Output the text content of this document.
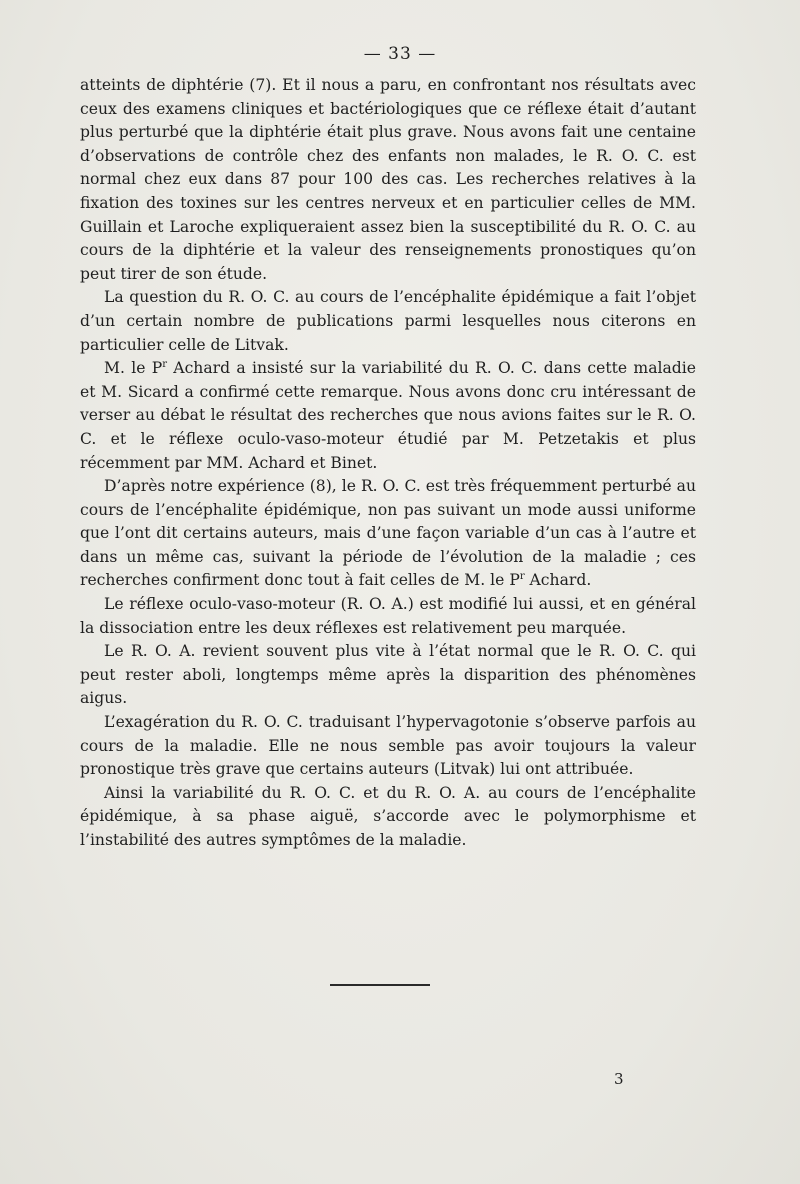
— 33 —

atteints de diphtérie (7). Et il nous a paru, en confrontant nos résultats avec ceux des examens cliniques et bactériologiques que ce réflexe était d’autant plus perturbé que la diphtérie était plus grave. Nous avons fait une centaine d’observations de contrôle chez des enfants non malades, le R. O. C. est normal chez eux dans 87 pour 100 des cas. Les recherches relatives à la fixation des toxines sur les centres nerveux et en particulier celles de MM. Guillain et Laroche expliqueraient assez bien la susceptibilité du R. O. C. au cours de la diphtérie et la valeur des renseignements pronostiques qu’on peut tirer de son étude.

La question du R. O. C. au cours de l’encéphalite épidémique a fait l’objet d’un certain nombre de publications parmi lesquelles nous citerons en particulier celle de Litvak.

M. le $P^r$ Achard a insisté sur la variabilité du R. O. C. dans cette maladie et M. Sicard a confirmé cette remarque. Nous avons donc cru intéressant de verser au débat le résultat des recherches que nous avions faites sur le R. O. C. et le réflexe oculo-vaso-moteur étudié par M. Petzetakis et plus récemment par MM. Achard et Binet.

D’après notre expérience (8), le R. O. C. est très fréquemment perturbé au cours de l’encéphalite épidémique, non pas suivant un mode aussi uniforme que l’ont dit certains auteurs, mais d’une façon variable d’un cas à l’autre et dans un même cas, suivant la période de l’évolution de la maladie ; ces recherches confirment donc tout à fait celles de M. le $P^r$ Achard.

Le réflexe oculo-vaso-moteur (R. O. A.) est modifié lui aussi, et en général la dissociation entre les deux réflexes est relativement peu marquée.

Le R. O. A. revient souvent plus vite à l’état normal que le R. O. C. qui peut rester aboli, longtemps même après la disparition des phénomènes aigus.

L’exagération du R. O. C. traduisant l’hypervagotonie s’observe parfois au cours de la maladie. Elle ne nous semble pas avoir toujours la valeur pronostique très grave que certains auteurs (Litvak) lui ont attribuée.

Ainsi la variabilité du R. O. C. et du R. O. A. au cours de l’encéphalite épidémique, à sa phase aiguë, s’accorde avec le polymorphisme et l’instabilité des autres symptômes de la maladie.

3
